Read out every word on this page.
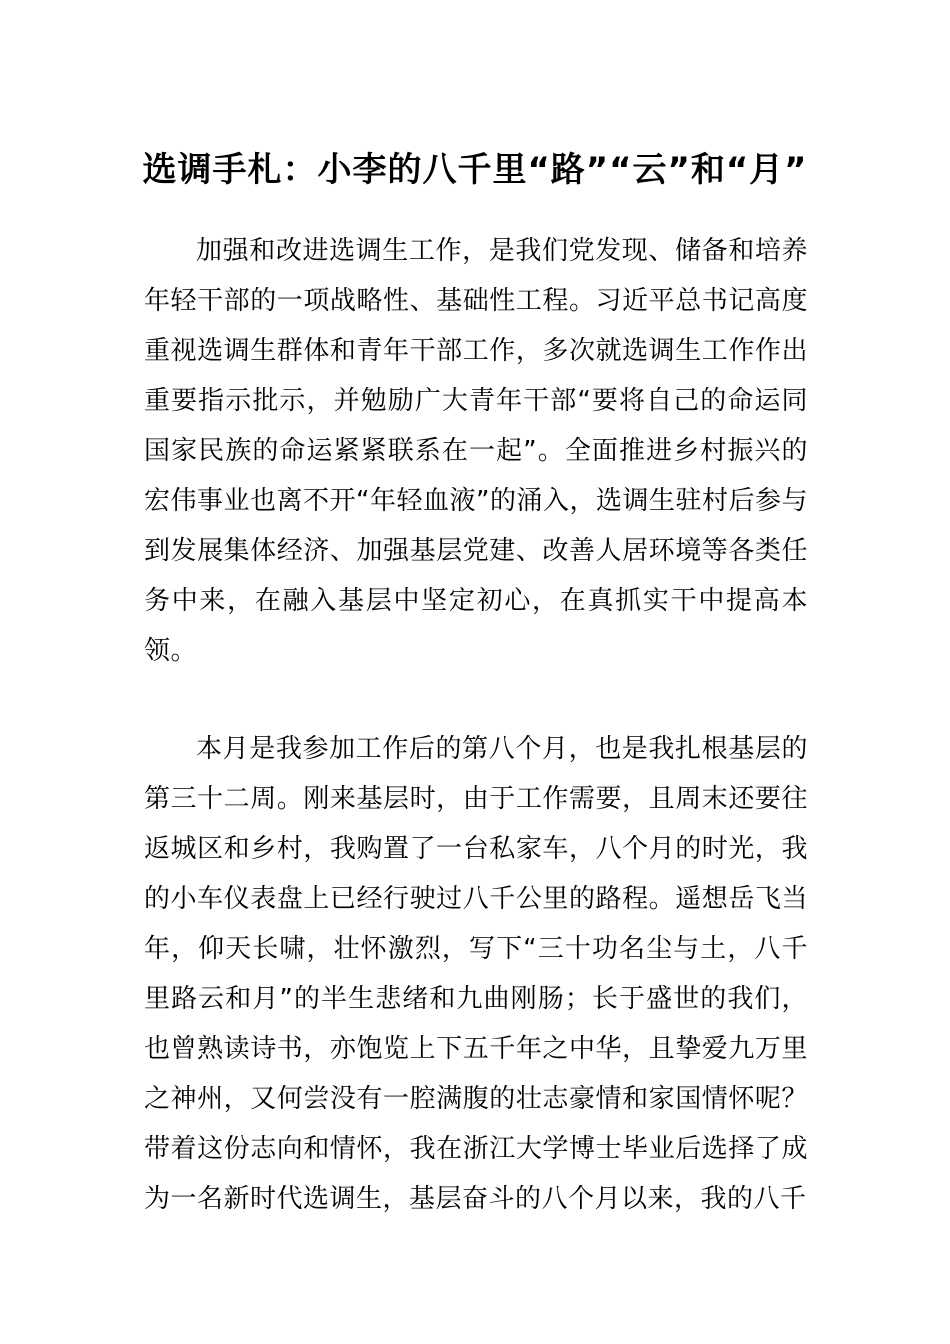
选调手札：小李的八千里“路”“云”和“月”

加强和改进选调生工作，是我们党发现、储备和培养年轻干部的一项战略性、基础性工程。习近平总书记高度重视选调生群体和青年干部工作，多次就选调生工作作出重要指示批示，并勉励广大青年干部“要将自己的命运同国家民族的命运紧紧联系在一起”。全面推进乡村振兴的宏伟事业也离不开“年轻血液”的涌入，选调生驻村后参与到发展集体经济、加强基层党建、改善人居环境等各类任务中来，在融入基层中坚定初心，在真抓实干中提高本领。

本月是我参加工作后的第八个月，也是我扎根基层的第三十二周。刚来基层时，由于工作需要，且周末还要往返城区和乡村，我购置了一台私家车，八个月的时光，我的小车仪表盘上已经行驶过八千公里的路程。遥想岳飞当年，仰天长啸，壮怀激烈，写下“三十功名尘与土，八千里路云和月”的半生悲绪和九曲刚肠；长于盛世的我们，也曾熟读诗书，亦饱览上下五千年之中华，且挚爱九万里之神州，又何尝没有一腔满腹的壮志豪情和家国情怀呢？带着这份志向和情怀，我在浙江大学博士毕业后选择了成为一名新时代选调生，基层奋斗的八个月以来，我的八千
